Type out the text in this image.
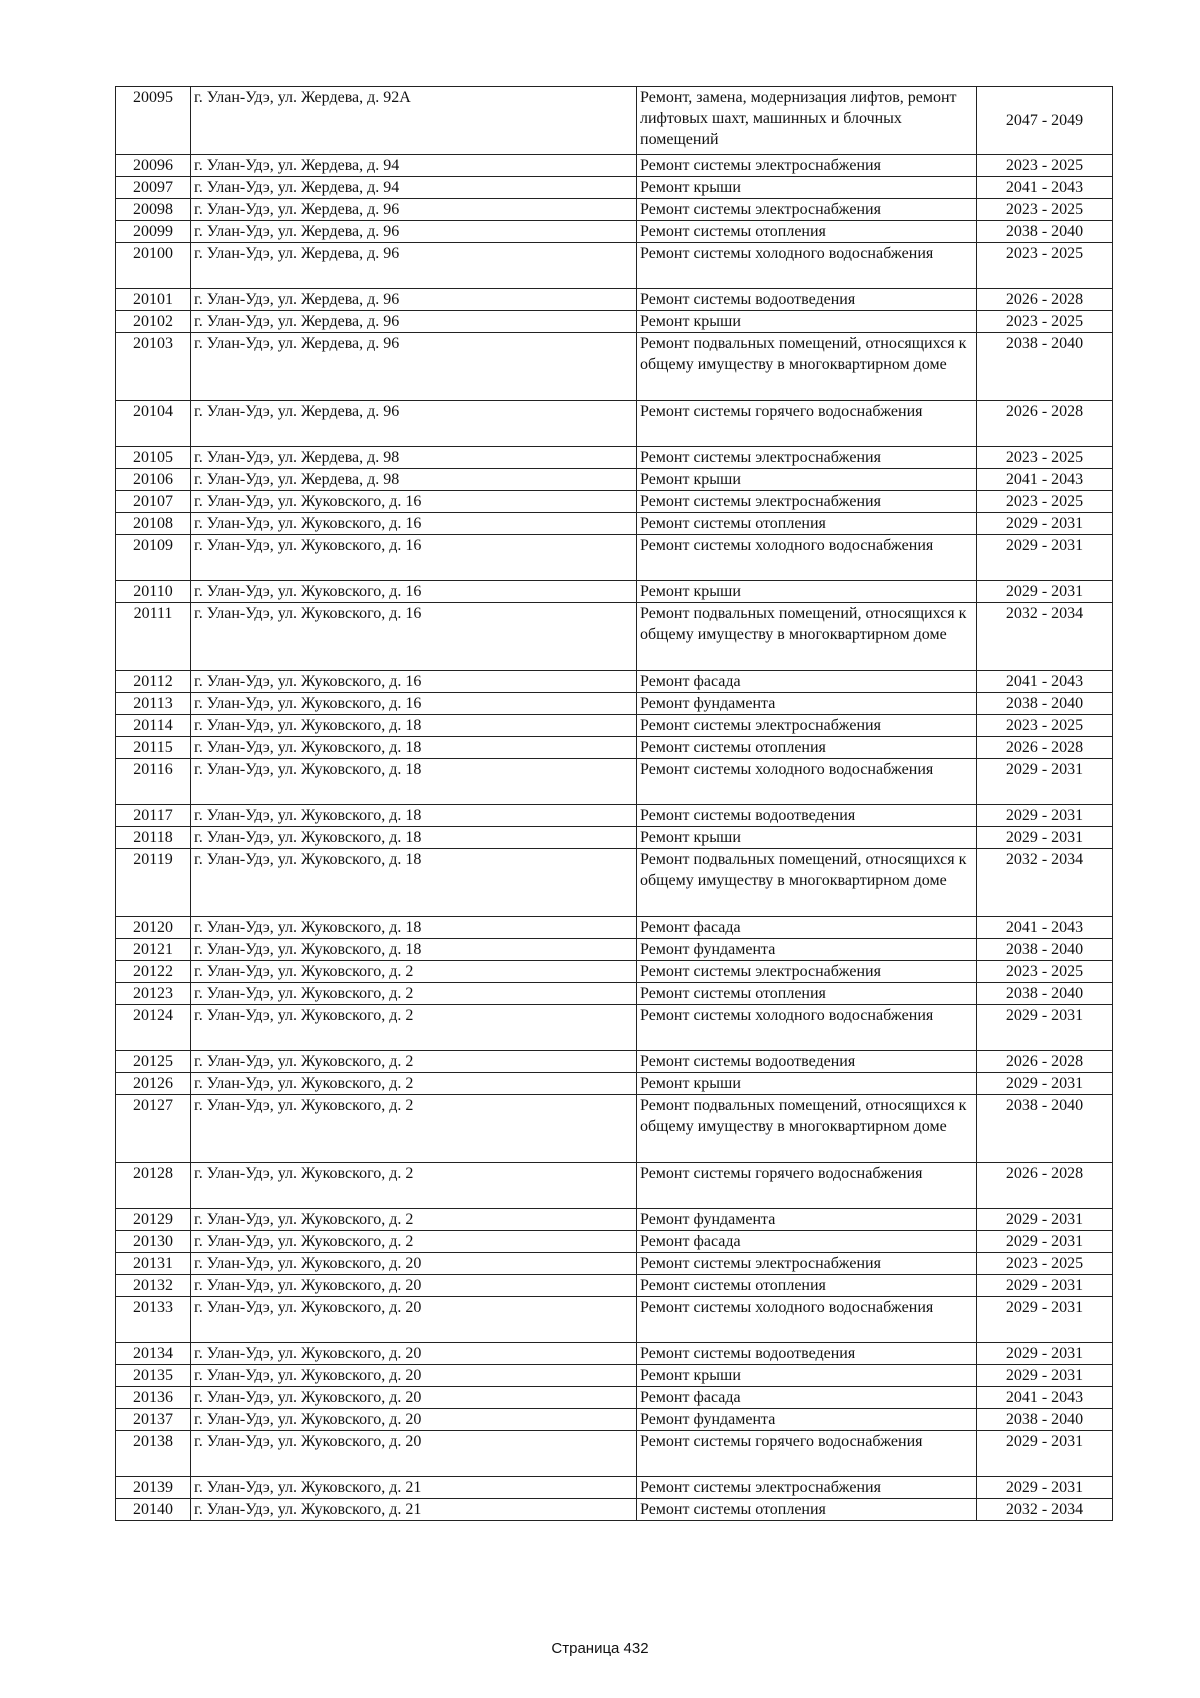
20095	г. Улан-Удэ, ул. Жердева, д. 92А	Ремонт, замена, модернизация лифтов, ремонт лифтовых шахт, машинных и блочных помещений	2047 - 2049
20096	г. Улан-Удэ, ул. Жердева, д. 94	Ремонт системы электроснабжения	2023 - 2025
20097	г. Улан-Удэ, ул. Жердева, д. 94	Ремонт крыши	2041 - 2043
20098	г. Улан-Удэ, ул. Жердева, д. 96	Ремонт системы электроснабжения	2023 - 2025
20099	г. Улан-Удэ, ул. Жердева, д. 96	Ремонт системы отопления	2038 - 2040
20100	г. Улан-Удэ, ул. Жердева, д. 96	Ремонт системы холодного водоснабжения	2023 - 2025
20101	г. Улан-Удэ, ул. Жердева, д. 96	Ремонт системы водоотведения	2026 - 2028
20102	г. Улан-Удэ, ул. Жердева, д. 96	Ремонт крыши	2023 - 2025
20103	г. Улан-Удэ, ул. Жердева, д. 96	Ремонт подвальных помещений, относящихся к общему имуществу в многоквартирном доме	2038 - 2040
20104	г. Улан-Удэ, ул. Жердева, д. 96	Ремонт системы горячего водоснабжения	2026 - 2028
20105	г. Улан-Удэ, ул. Жердева, д. 98	Ремонт системы электроснабжения	2023 - 2025
20106	г. Улан-Удэ, ул. Жердева, д. 98	Ремонт крыши	2041 - 2043
20107	г. Улан-Удэ, ул. Жуковского, д. 16	Ремонт системы электроснабжения	2023 - 2025
20108	г. Улан-Удэ, ул. Жуковского, д. 16	Ремонт системы отопления	2029 - 2031
20109	г. Улан-Удэ, ул. Жуковского, д. 16	Ремонт системы холодного водоснабжения	2029 - 2031
20110	г. Улан-Удэ, ул. Жуковского, д. 16	Ремонт крыши	2029 - 2031
20111	г. Улан-Удэ, ул. Жуковского, д. 16	Ремонт подвальных помещений, относящихся к общему имуществу в многоквартирном доме	2032 - 2034
20112	г. Улан-Удэ, ул. Жуковского, д. 16	Ремонт фасада	2041 - 2043
20113	г. Улан-Удэ, ул. Жуковского, д. 16	Ремонт фундамента	2038 - 2040
20114	г. Улан-Удэ, ул. Жуковского, д. 18	Ремонт системы электроснабжения	2023 - 2025
20115	г. Улан-Удэ, ул. Жуковского, д. 18	Ремонт системы отопления	2026 - 2028
20116	г. Улан-Удэ, ул. Жуковского, д. 18	Ремонт системы холодного водоснабжения	2029 - 2031
20117	г. Улан-Удэ, ул. Жуковского, д. 18	Ремонт системы водоотведения	2029 - 2031
20118	г. Улан-Удэ, ул. Жуковского, д. 18	Ремонт крыши	2029 - 2031
20119	г. Улан-Удэ, ул. Жуковского, д. 18	Ремонт подвальных помещений, относящихся к общему имуществу в многоквартирном доме	2032 - 2034
20120	г. Улан-Удэ, ул. Жуковского, д. 18	Ремонт фасада	2041 - 2043
20121	г. Улан-Удэ, ул. Жуковского, д. 18	Ремонт фундамента	2038 - 2040
20122	г. Улан-Удэ, ул. Жуковского, д. 2	Ремонт системы электроснабжения	2023 - 2025
20123	г. Улан-Удэ, ул. Жуковского, д. 2	Ремонт системы отопления	2038 - 2040
20124	г. Улан-Удэ, ул. Жуковского, д. 2	Ремонт системы холодного водоснабжения	2029 - 2031
20125	г. Улан-Удэ, ул. Жуковского, д. 2	Ремонт системы водоотведения	2026 - 2028
20126	г. Улан-Удэ, ул. Жуковского, д. 2	Ремонт крыши	2029 - 2031
20127	г. Улан-Удэ, ул. Жуковского, д. 2	Ремонт подвальных помещений, относящихся к общему имуществу в многоквартирном доме	2038 - 2040
20128	г. Улан-Удэ, ул. Жуковского, д. 2	Ремонт системы горячего водоснабжения	2026 - 2028
20129	г. Улан-Удэ, ул. Жуковского, д. 2	Ремонт фундамента	2029 - 2031
20130	г. Улан-Удэ, ул. Жуковского, д. 2	Ремонт фасада	2029 - 2031
20131	г. Улан-Удэ, ул. Жуковского, д. 20	Ремонт системы электроснабжения	2023 - 2025
20132	г. Улан-Удэ, ул. Жуковского, д. 20	Ремонт системы отопления	2029 - 2031
20133	г. Улан-Удэ, ул. Жуковского, д. 20	Ремонт системы холодного водоснабжения	2029 - 2031
20134	г. Улан-Удэ, ул. Жуковского, д. 20	Ремонт системы водоотведения	2029 - 2031
20135	г. Улан-Удэ, ул. Жуковского, д. 20	Ремонт крыши	2029 - 2031
20136	г. Улан-Удэ, ул. Жуковского, д. 20	Ремонт фасада	2041 - 2043
20137	г. Улан-Удэ, ул. Жуковского, д. 20	Ремонт фундамента	2038 - 2040
20138	г. Улан-Удэ, ул. Жуковского, д. 20	Ремонт системы горячего водоснабжения	2029 - 2031
20139	г. Улан-Удэ, ул. Жуковского, д. 21	Ремонт системы электроснабжения	2029 - 2031
20140	г. Улан-Удэ, ул. Жуковского, д. 21	Ремонт системы отопления	2032 - 2034
Страница 432
